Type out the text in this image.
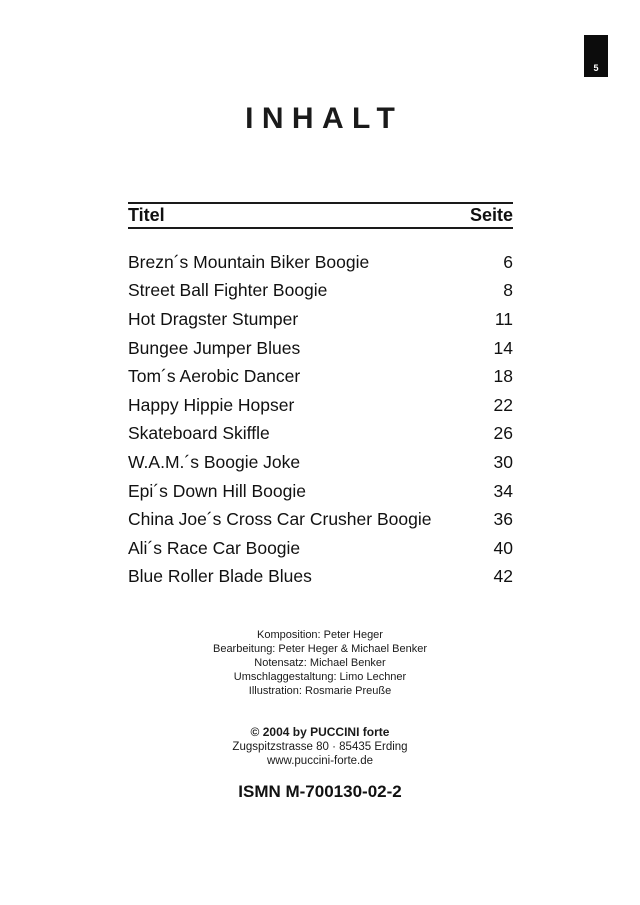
5
INHALT
Titel	Seite
Brezn´s Mountain Biker Boogie	6
Street Ball Fighter Boogie	8
Hot Dragster Stumper	11
Bungee Jumper Blues	14
Tom´s Aerobic Dancer	18
Happy Hippie Hopser	22
Skateboard Skiffle	26
W.A.M.´s Boogie Joke	30
Epi´s Down Hill Boogie	34
China Joe´s Cross Car Crusher Boogie	36
Ali´s Race Car Boogie	40
Blue Roller Blade Blues	42
Komposition: Peter Heger
Bearbeitung: Peter Heger & Michael Benker
Notensatz: Michael Benker
Umschlaggestaltung: Limo Lechner
Illustration: Rosmarie Preuße
© 2004 by PUCCINI forte
Zugspitzstrasse 80 · 85435 Erding
www.puccini-forte.de
ISMN M-700130-02-2
